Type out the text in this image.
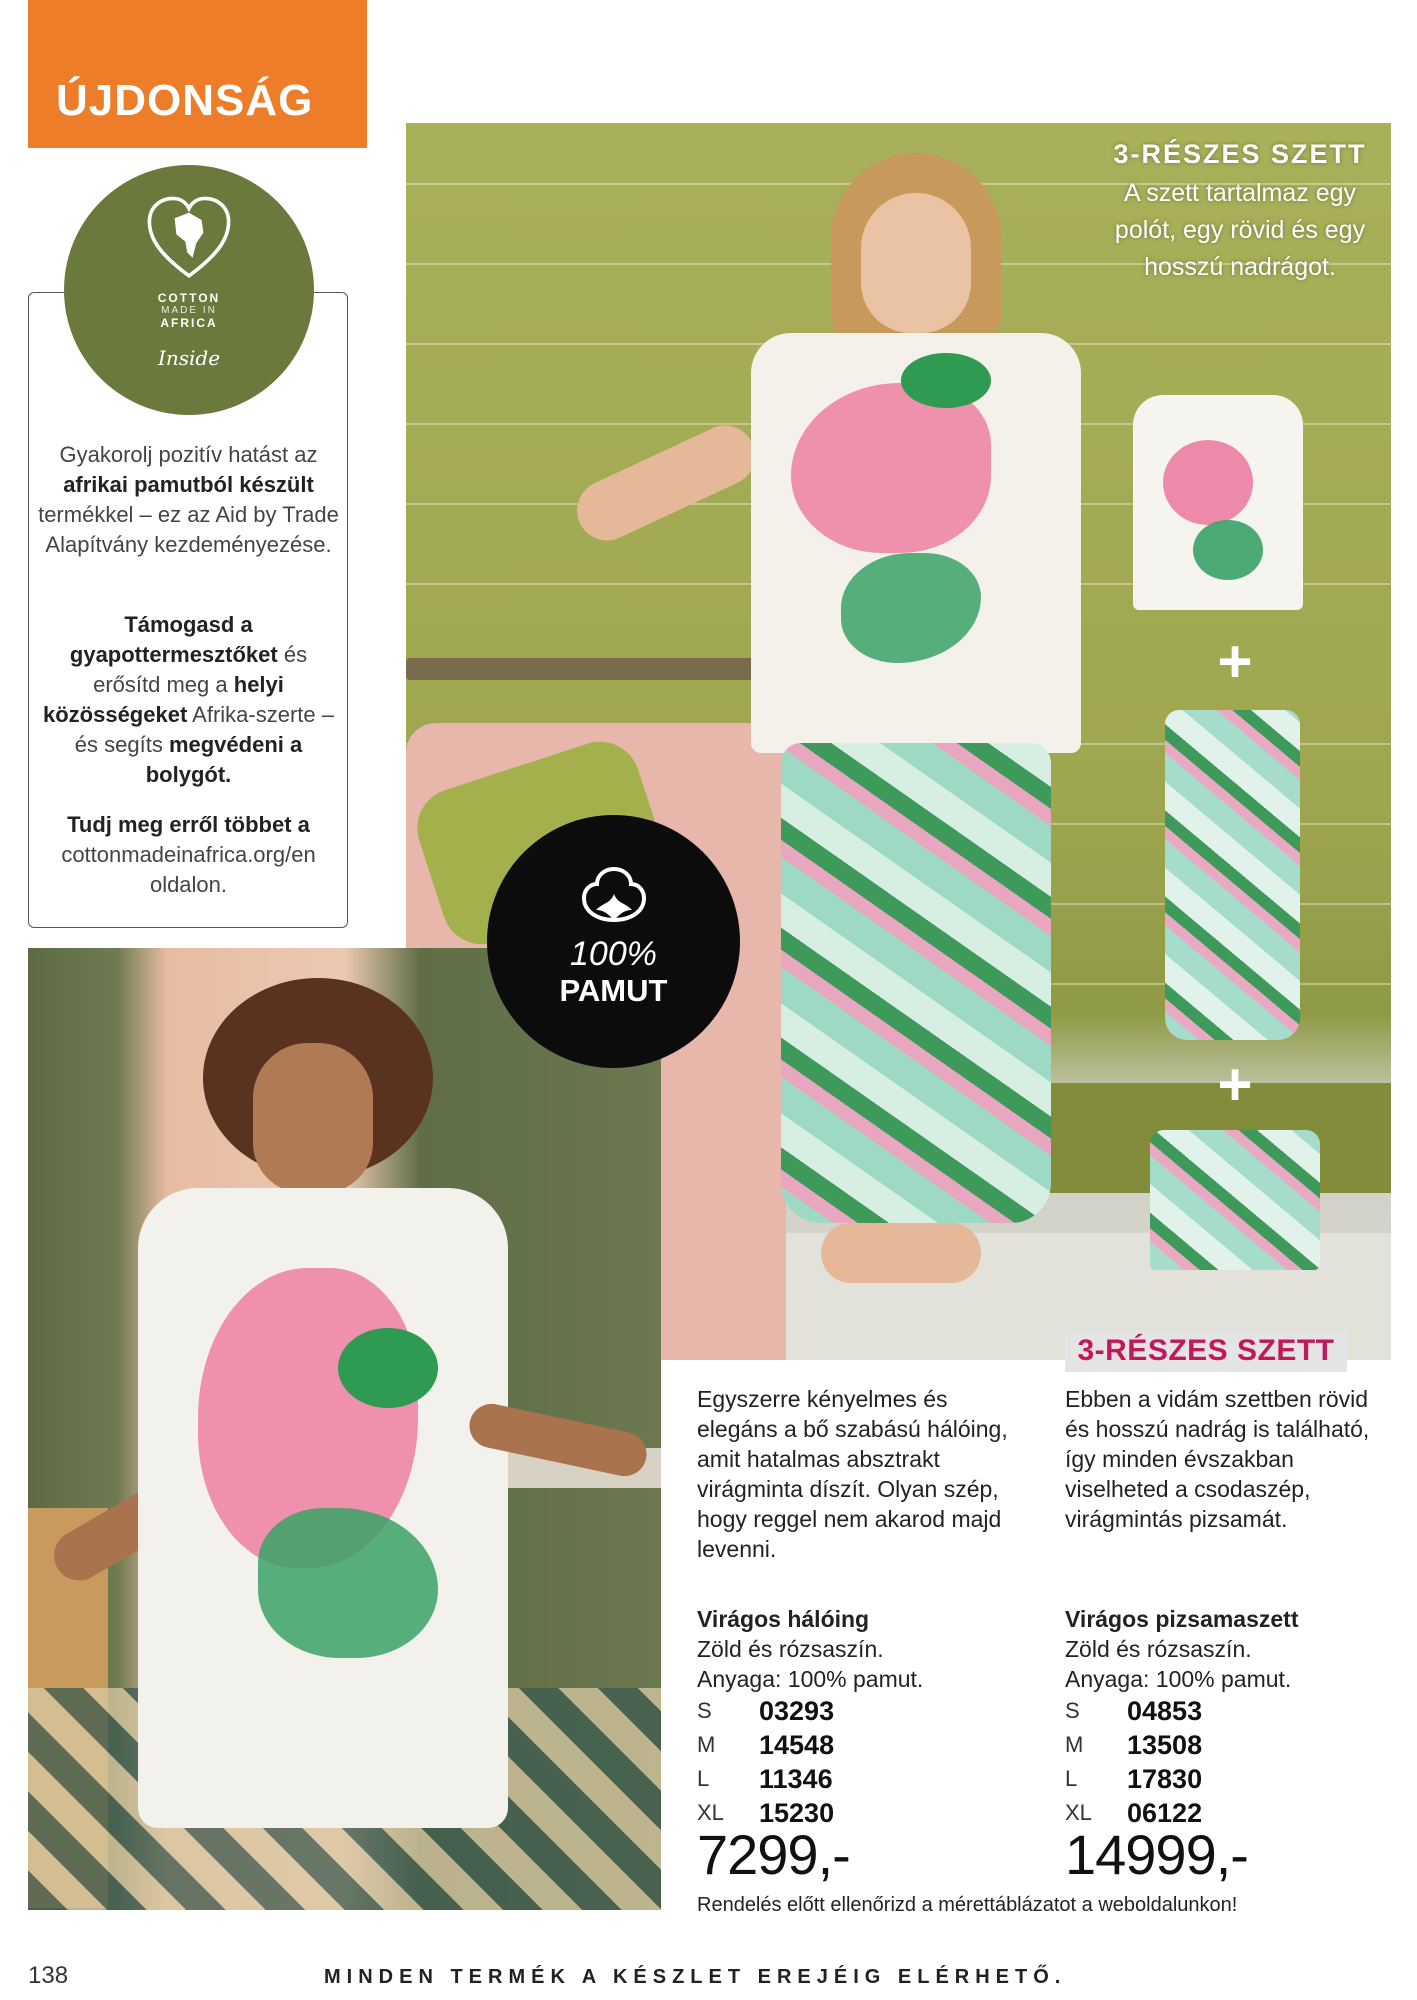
ÚJDONSÁG
COTTON
MADE IN
AFRICA
Inside
Gyakorolj pozitív hatást az afrikai pamutból készült termékkel – ez az Aid by Trade Alapítvány kezdeményezése.
Támogasd a gyapottermesztőket és erősítd meg a helyi közösségeket Afrika-szerte – és segíts megvédeni a bolygót.
Tudj meg erről többet a
cottonmadeinafrica.org/en oldalon.
3-RÉSZES SZETT
A szett tartalmaz egy polót, egy rövid és egy hosszú nadrágot.
+
+
100%
PAMUT
3-RÉSZES SZETT
Egyszerre kényelmes és elegáns a bő szabású hálóing, amit hatalmas absztrakt virágminta díszít. Olyan szép, hogy reggel nem akarod majd levenni.
Virágos hálóing
Zöld és rózsaszín.
Anyaga: 100% pamut.
S	03293
M	14548
L	11346
XL	15230
7299,-
Ebben a vidám szettben rövid és hosszú nadrág is található, így minden évszakban viselheted a csodaszép, virágmintás pizsamát.
Virágos pizsamaszett
Zöld és rózsaszín.
Anyaga: 100% pamut.
S	04853
M	13508
L	17830
XL	06122
14999,-
Rendelés előtt ellenőrizd a mérettáblázatot a weboldalunkon!
138	MINDEN TERMÉK A KÉSZLET EREJÉIG ELÉRHETŐ.
